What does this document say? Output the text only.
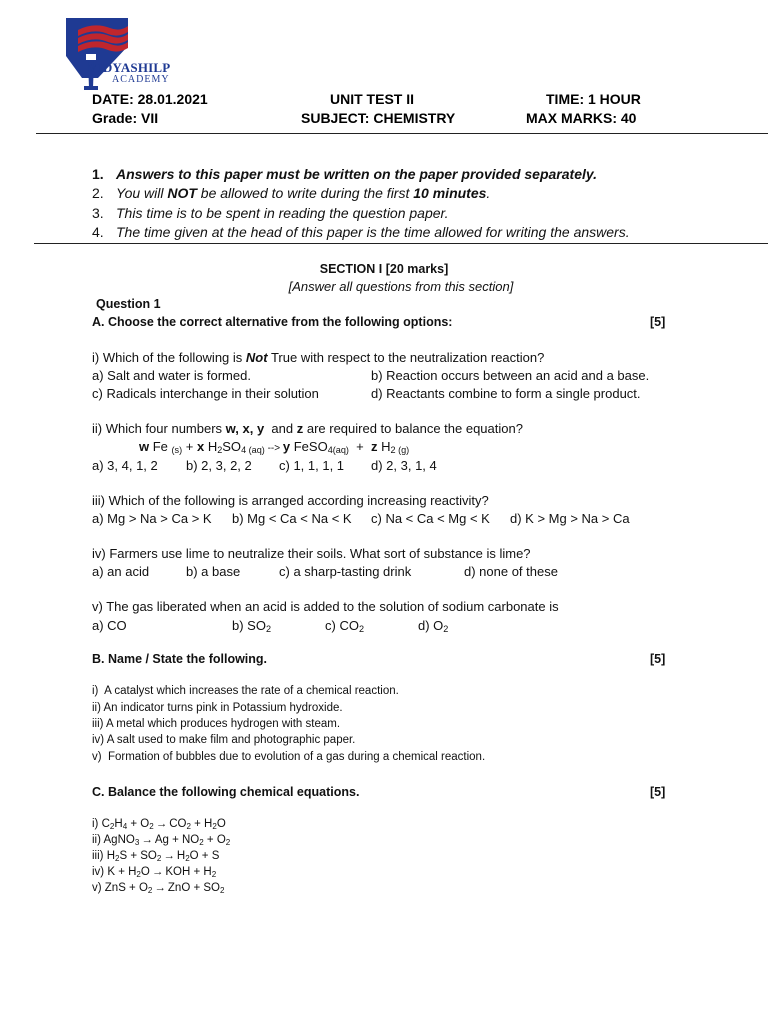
VIDYASHILP
ACADEMY
DATE: 28.01.2021	UNIT TEST II	TIME: 1 HOUR
Grade: VII	SUBJECT: CHEMISTRY	MAX MARKS: 40
1. Answers to this paper must be written on the paper provided separately.
2. You will NOT be allowed to write during the first 10 minutes.
3. This time is to be spent in reading the question paper.
4. The time given at the head of this paper is the time allowed for writing the answers.
SECTION I [20 marks]
[Answer all questions from this section]
Question 1
A. Choose the correct alternative from the following options:	[5]
i) Which of the following is Not True with respect to the neutralization reaction?
a) Salt and water is formed.	b) Reaction occurs between an acid and a base.
c) Radicals interchange in their solution	d) Reactants combine to form a single product.
ii) Which four numbers w, x, y  and z are required to balance the equation?
w Fe $_{(s)}$ + x $H_2SO_4$ $_{(aq)}$ --> y FeSO$_{4(aq)}$  +  z $H_2$ $_{(g)}$
a) 3, 4, 1, 2 b) 2, 3, 2, 2 c) 1, 1, 1, 1 d) 2, 3, 1, 4
iii) Which of the following is arranged according increasing reactivity?
a) Mg > Na > Ca > K b) Mg < Ca < Na < K c) Na < Ca < Mg < K d) K > Mg > Na > Ca
iv) Farmers use lime to neutralize their soils. What sort of substance is lime?
a) an acid	b) a base	c) a sharp-tasting drink	d) none of these
v) The gas liberated when an acid is added to the solution of sodium carbonate is
a) CO	b) $SO_2$	c) $CO_2$	d) $O_2$
B. Name / State the following.	[5]
i)  A catalyst which increases the rate of a chemical reaction.
ii) An indicator turns pink in Potassium hydroxide.
iii) A metal which produces hydrogen with steam.
iv) A salt used to make film and photographic paper.
v)  Formation of bubbles due to evolution of a gas during a chemical reaction.
C. Balance the following chemical equations.	[5]
i) $C_2H_4 + O_2 \to CO_2 + H_2O$
ii) AgNO$_3$ → $Ag + NO_2 + O_2$
iii) $H_2S + SO_2 \to H_2O + S$
iv) $K + H_2O$ → KOH + $H_2$
v) ZnS + $O_2$ → ZnO + $SO_2$
